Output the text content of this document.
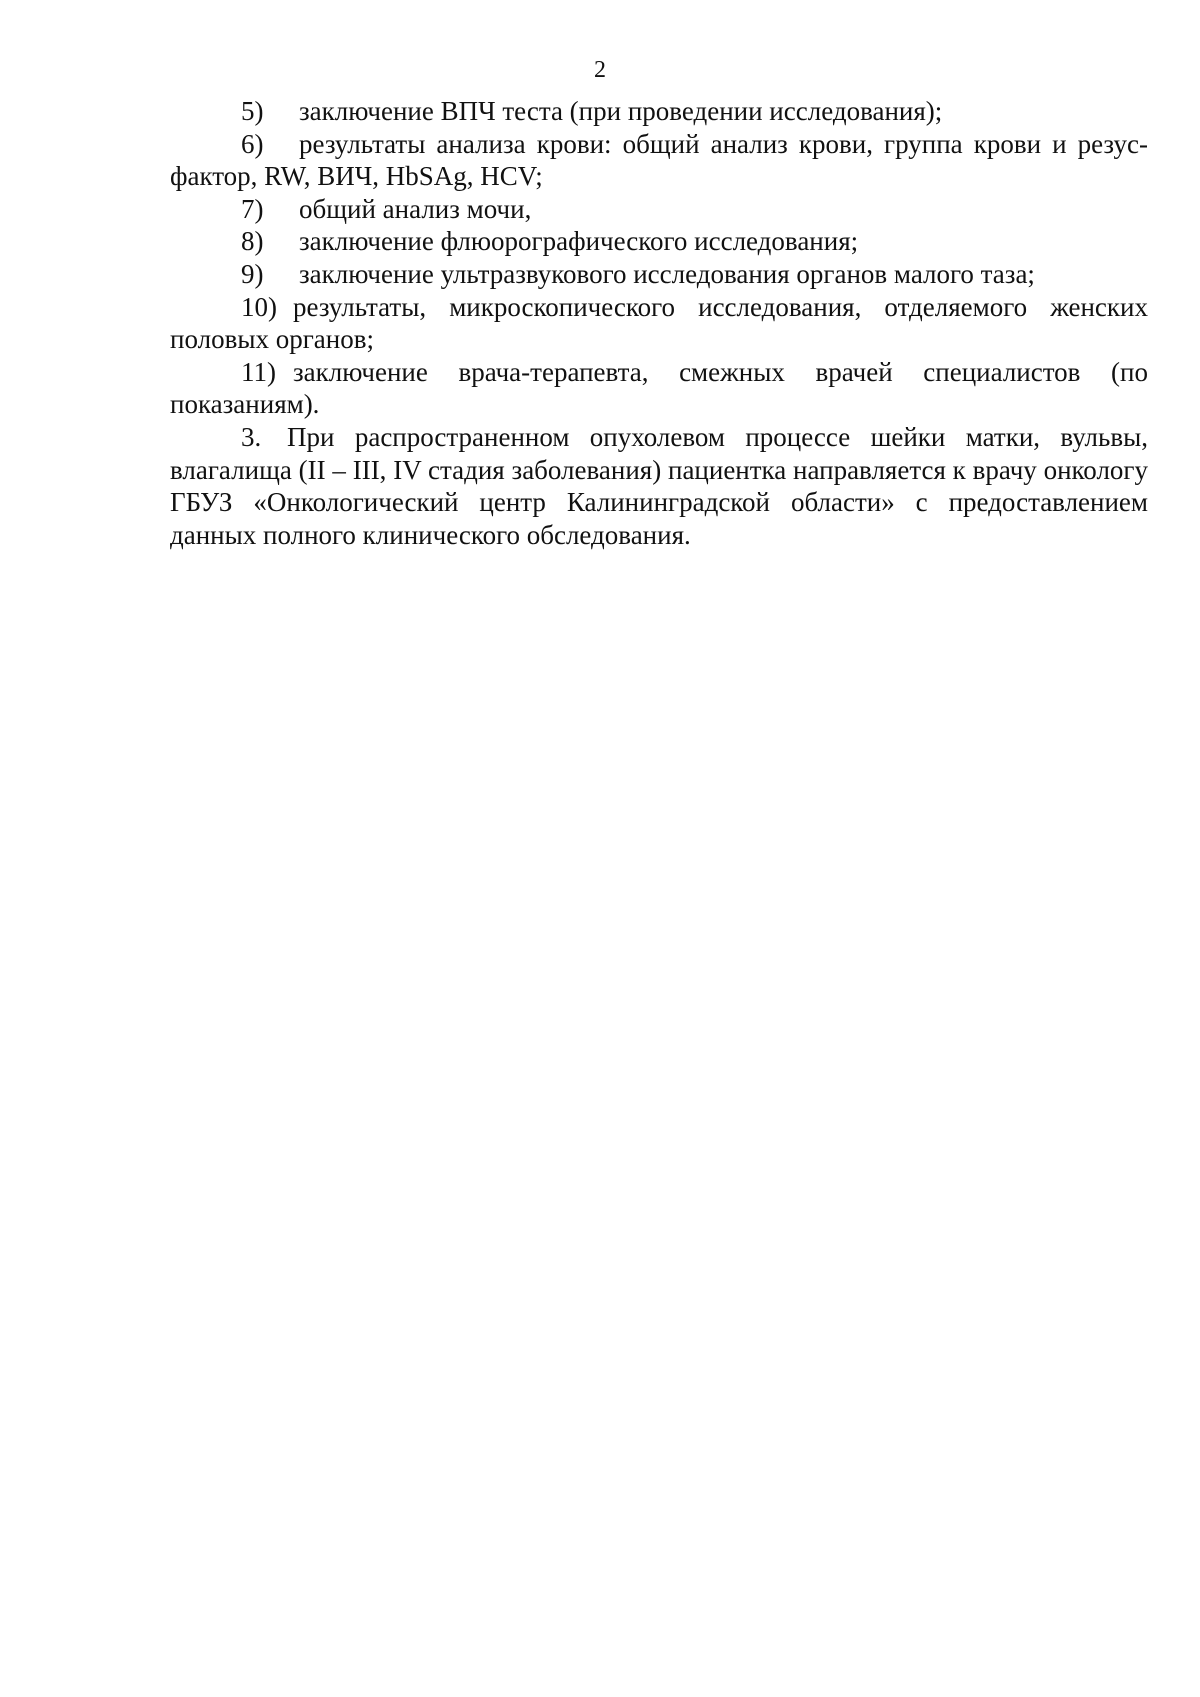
2

5) заключение ВПЧ теста (при проведении исследования);

6) результаты анализа крови: общий анализ крови, группа крови и резус-фактор, RW, ВИЧ, HbSAg, HCV;

7) общий анализ мочи,

8) заключение флюорографического исследования;

9) заключение ультразвукового исследования органов малого таза;

10) результаты, микроскопического исследования, отделяемого женских половых органов;

11) заключение врача-терапевта, смежных врачей специалистов (по показаниям).

3. При распространенном опухолевом процессе шейки матки, вульвы, влагалища (II – III, IV стадия заболевания) пациентка направляется к врачу онкологу ГБУЗ «Онкологический центр Калининградской области» с предоставлением данных полного клинического обследования.
